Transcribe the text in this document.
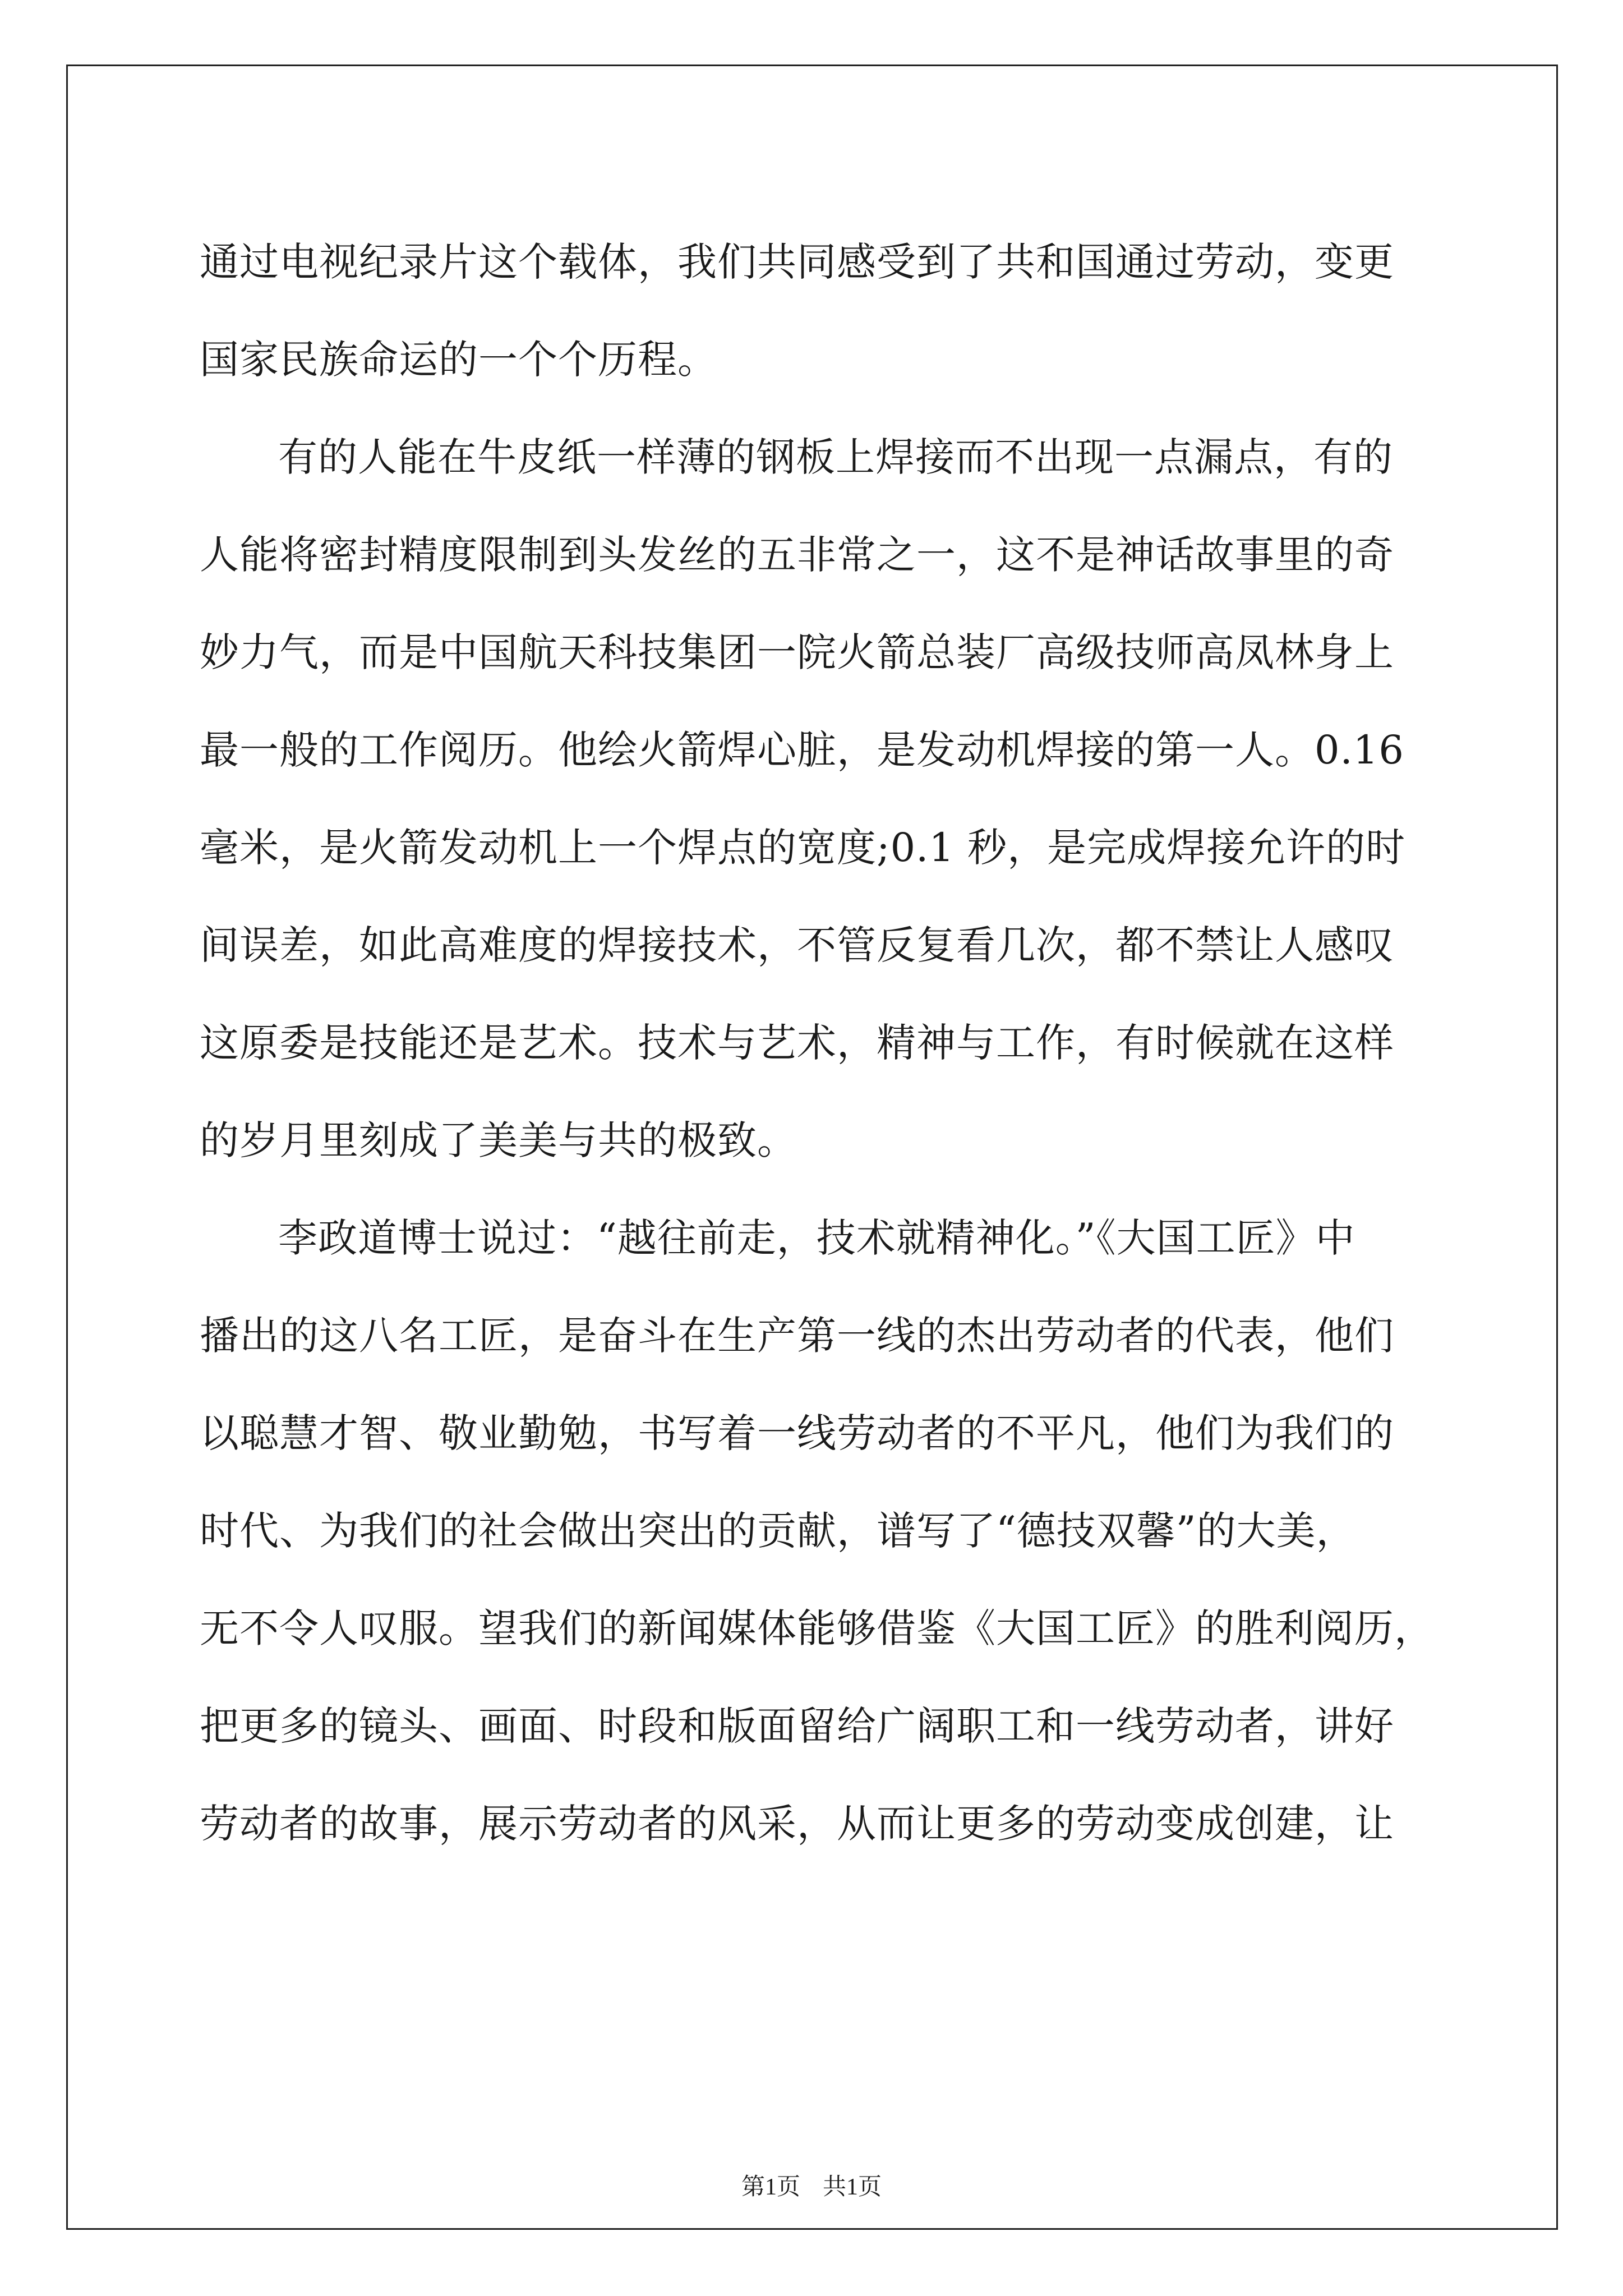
通过电视纪录片这个载体，我们共同感受到了共和国通过劳动，变更
国家民族命运的一个个历程。

有的人能在牛皮纸一样薄的钢板上焊接而不出现一点漏点，有的
人能将密封精度限制到头发丝的五非常之一，这不是神话故事里的奇
妙力气，而是中国航天科技集团一院火箭总装厂高级技师高凤林身上
最一般的工作阅历。他绘火箭焊心脏，是发动机焊接的第一人。0.16
毫米，是火箭发动机上一个焊点的宽度;0.1 秒，是完成焊接允许的时
间误差，如此高难度的焊接技术，不管反复看几次，都不禁让人感叹
这原委是技能还是艺术。技术与艺术，精神与工作，有时候就在这样
的岁月里刻成了美美与共的极致。

李政道博士说过：“越往前走，技术就精神化。”《大国工匠》中
播出的这八名工匠，是奋斗在生产第一线的杰出劳动者的代表，他们
以聪慧才智、敬业勤勉，书写着一线劳动者的不平凡，他们为我们的
时代、为我们的社会做出突出的贡献，谱写了“德技双馨”的大美，
无不令人叹服。望我们的新闻媒体能够借鉴《大国工匠》的胜利阅历，
把更多的镜头、画面、时段和版面留给广阔职工和一线劳动者，讲好
劳动者的故事，展示劳动者的风采，从而让更多的劳动变成创建，让

第1页 共1页
